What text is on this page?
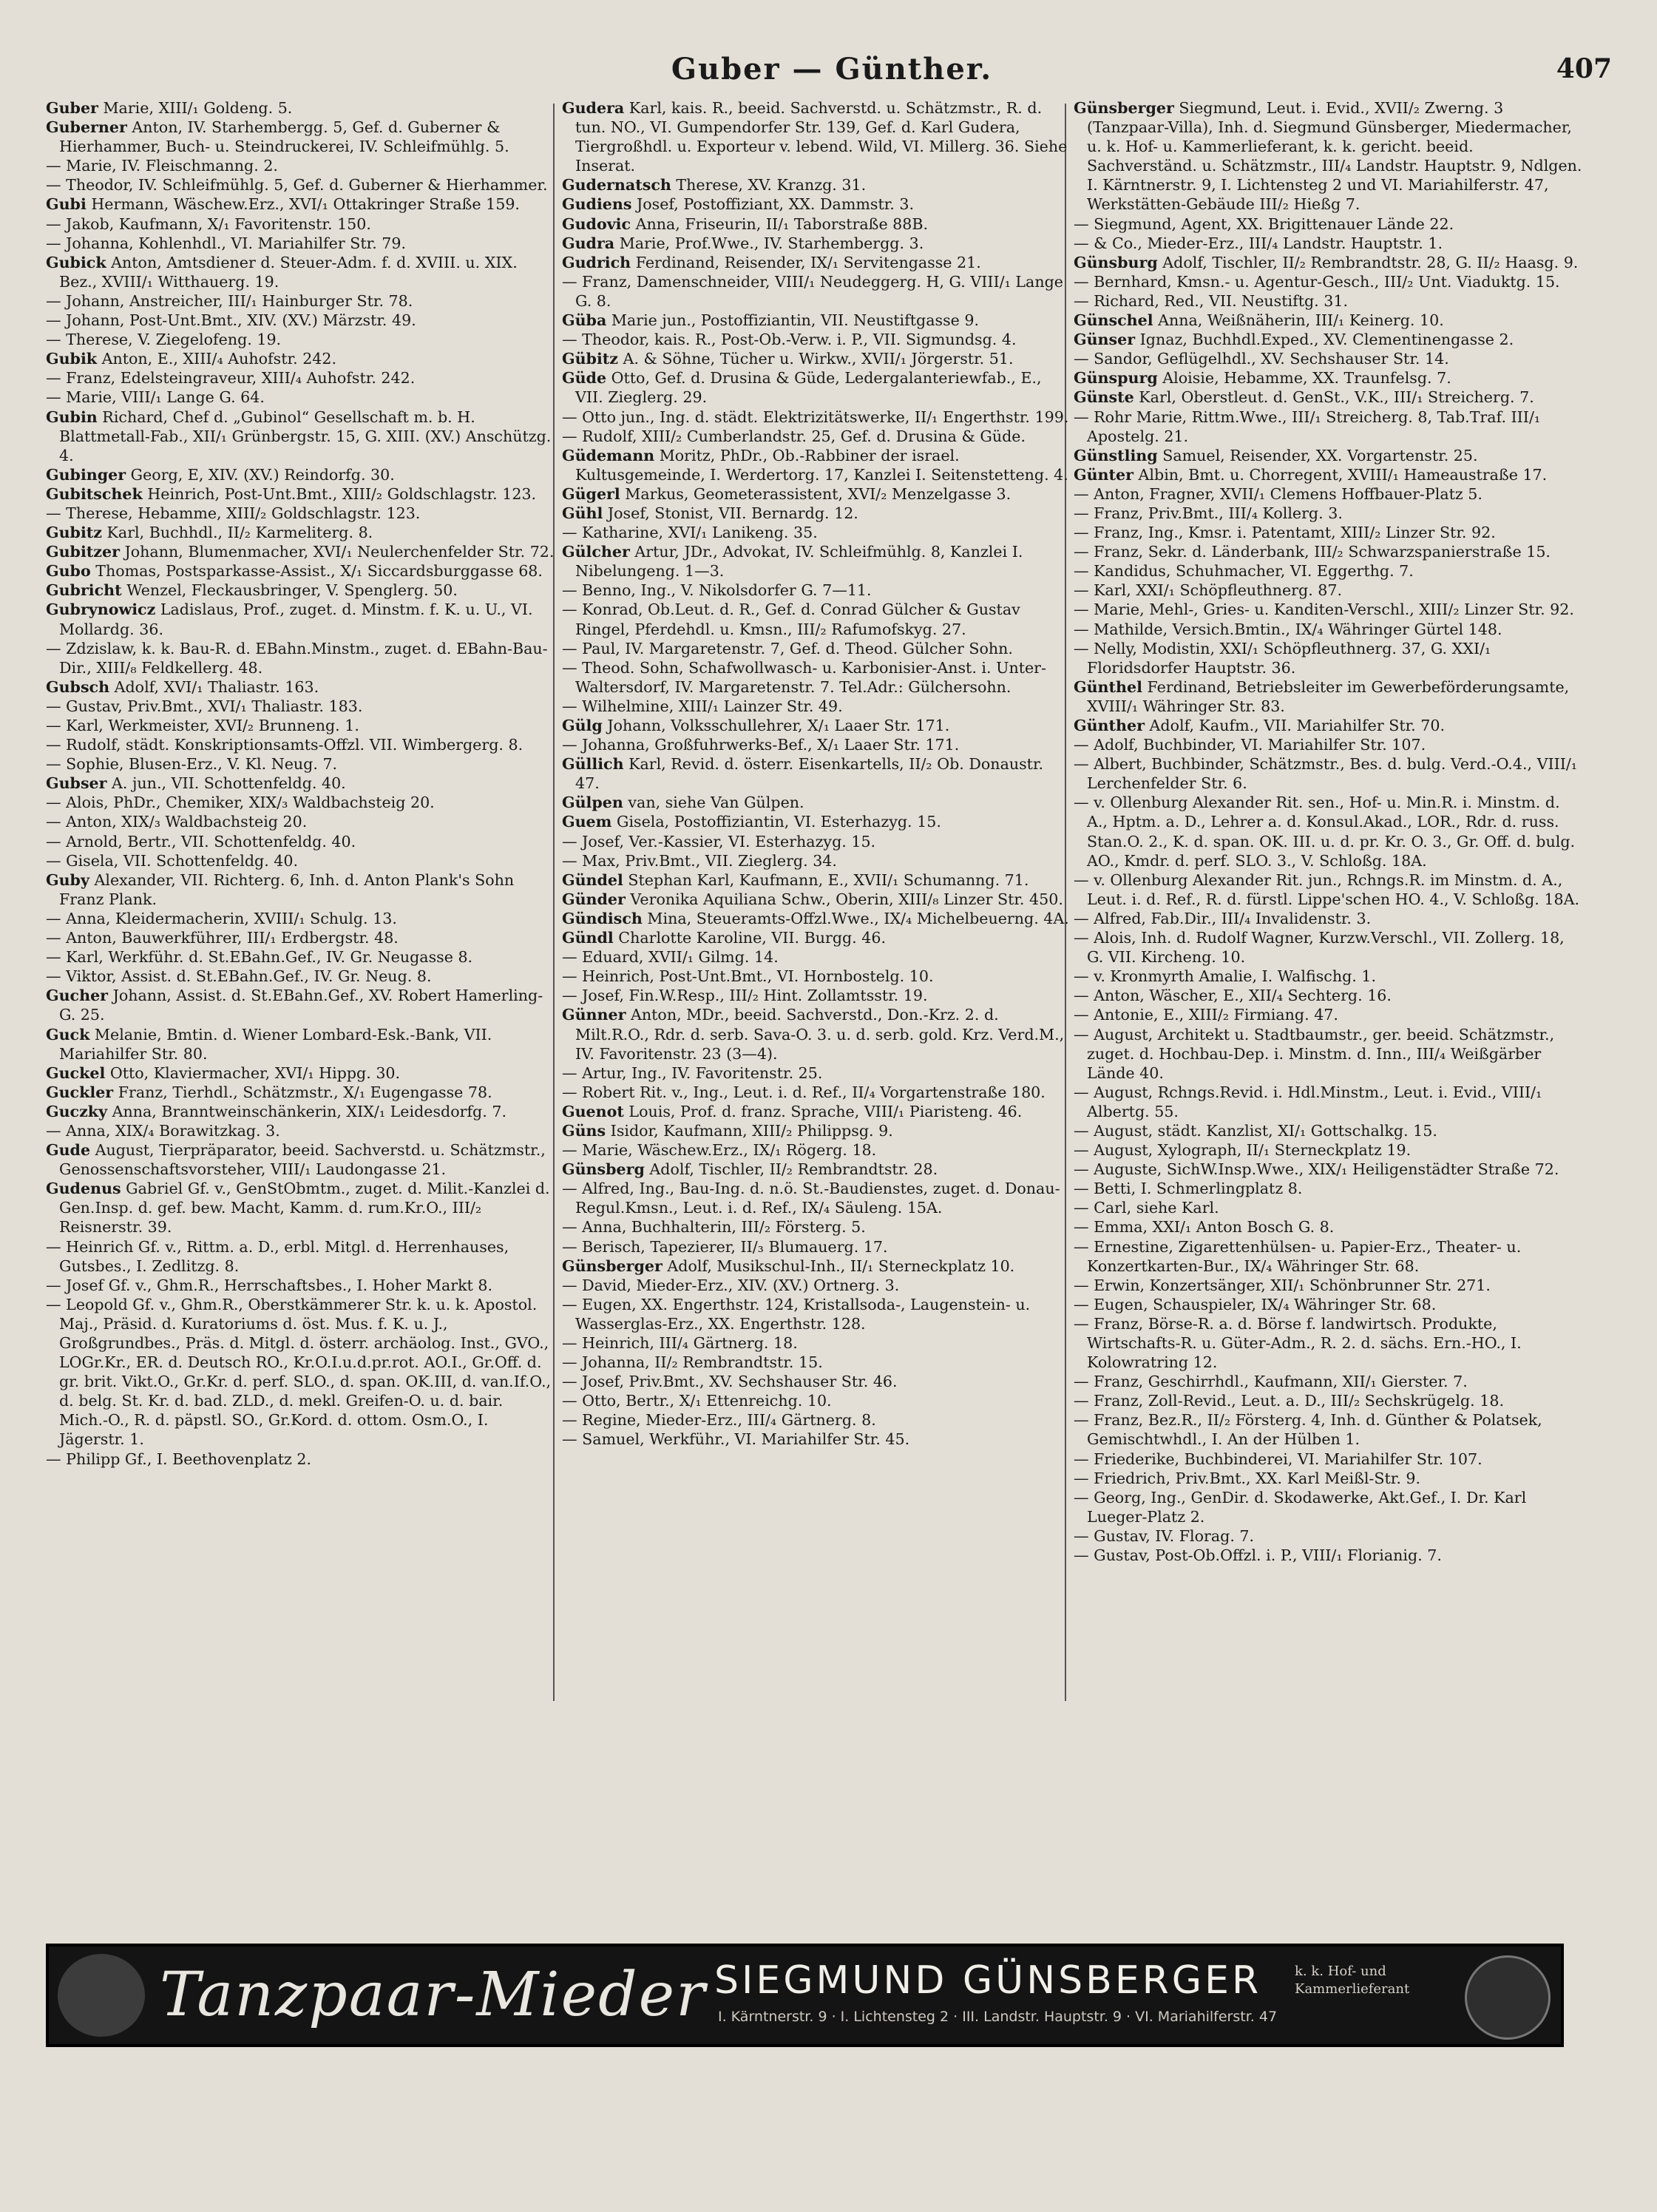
Guber — Günther.	407

Guber Marie, XIII/₁ Goldeng. 5.

Guberner Anton, IV. Starhembergg. 5, Gef. d. Guberner & Hierhammer, Buch- u. Steindruckerei, IV. Schleifmühlg. 5.

— Marie, IV. Fleischmanng. 2.

— Theodor, IV. Schleifmühlg. 5, Gef. d. Guberner & Hierhammer.

Gubi Hermann, Wäschew.Erz., XVI/₁ Ottakringer Straße 159.

— Jakob, Kaufmann, X/₁ Favoritenstr. 150.

— Johanna, Kohlenhdl., VI. Mariahilfer Str. 79.

Gubick Anton, Amtsdiener d. Steuer-Adm. f. d. XVIII. u. XIX. Bez., XVIII/₁ Witthauerg. 19.

— Johann, Anstreicher, III/₁ Hainburger Str. 78.

— Johann, Post-Unt.Bmt., XIV. (XV.) Märzstr. 49.

— Therese, V. Ziegelofeng. 19.

Gubik Anton, E., XIII/₄ Auhofstr. 242.

— Franz, Edelsteingraveur, XIII/₄ Auhofstr. 242.

— Marie, VIII/₁ Lange G. 64.

Gubin Richard, Chef d. „Gubinol“ Gesellschaft m. b. H. Blattmetall-Fab., XII/₁ Grünbergstr. 15, G. XIII. (XV.) Anschützg. 4.

Gubinger Georg, E, XIV. (XV.) Reindorfg. 30.

Gubitschek Heinrich, Post-Unt.Bmt., XIII/₂ Goldschlagstr. 123.

— Therese, Hebamme, XIII/₂ Goldschlagstr. 123.

Gubitz Karl, Buchhdl., II/₂ Karmeliterg. 8.

Gubitzer Johann, Blumenmacher, XVI/₁ Neulerchenfelder Str. 72.

Gubo Thomas, Postsparkasse-Assist., X/₁ Siccardsburggasse 68.

Gubricht Wenzel, Fleckausbringer, V. Spenglerg. 50.

Gubrynowicz Ladislaus, Prof., zuget. d. Minstm. f. K. u. U., VI. Mollardg. 36.

— Zdzislaw, k. k. Bau-R. d. EBahn.Minstm., zuget. d. EBahn-Bau-Dir., XIII/₈ Feldkellerg. 48.

Gubsch Adolf, XVI/₁ Thaliastr. 163.

— Gustav, Priv.Bmt., XVI/₁ Thaliastr. 183.

— Karl, Werkmeister, XVI/₂ Brunneng. 1.

— Rudolf, städt. Konskriptionsamts-Offzl. VII. Wimbergerg. 8.

— Sophie, Blusen-Erz., V. Kl. Neug. 7.

Gubser A. jun., VII. Schottenfeldg. 40.

— Alois, PhDr., Chemiker, XIX/₃ Waldbachsteig 20.

— Anton, XIX/₃ Waldbachsteig 20.

— Arnold, Bertr., VII. Schottenfeldg. 40.

— Gisela, VII. Schottenfeldg. 40.

Guby Alexander, VII. Richterg. 6, Inh. d. Anton Plank's Sohn Franz Plank.

— Anna, Kleidermacherin, XVIII/₁ Schulg. 13.

— Anton, Bauwerkführer, III/₁ Erdbergstr. 48.

— Karl, Werkführ. d. St.EBahn.Gef., IV. Gr. Neugasse 8.

— Viktor, Assist. d. St.EBahn.Gef., IV. Gr. Neug. 8.

Gucher Johann, Assist. d. St.EBahn.Gef., XV. Robert Hamerling-G. 25.

Guck Melanie, Bmtin. d. Wiener Lombard-Esk.-Bank, VII. Mariahilfer Str. 80.

Guckel Otto, Klaviermacher, XVI/₁ Hippg. 30.

Guckler Franz, Tierhdl., Schätzmstr., X/₁ Eugengasse 78.

Guczky Anna, Branntweinschänkerin, XIX/₁ Leidesdorfg. 7.

— Anna, XIX/₄ Borawitzkag. 3.

Gude August, Tierpräparator, beeid. Sachverstd. u. Schätzmstr., Genossenschaftsvorsteher, VIII/₁ Laudongasse 21.

Gudenus Gabriel Gf. v., GenStObmtm., zuget. d. Milit.-Kanzlei d. Gen.Insp. d. gef. bew. Macht, Kamm. d. rum.Kr.O., III/₂ Reisnerstr. 39.

— Heinrich Gf. v., Rittm. a. D., erbl. Mitgl. d. Herrenhauses, Gutsbes., I. Zedlitzg. 8.

— Josef Gf. v., Ghm.R., Herrschaftsbes., I. Hoher Markt 8.

— Leopold Gf. v., Ghm.R., Oberstkämmerer Str. k. u. k. Apostol. Maj., Präsid. d. Kuratoriums d. öst. Mus. f. K. u. J., Großgrundbes., Präs. d. Mitgl. d. österr. archäolog. Inst., GVO., LOGr.Kr., ER. d. Deutsch RO., Kr.O.I.u.d.pr.rot. AO.I., Gr.Off. d. gr. brit. Vikt.O., Gr.Kr. d. perf. SLO., d. span. OK.III, d. van.If.O., d. belg. St. Kr. d. bad. ZLD., d. mekl. Greifen-O. u. d. bair. Mich.-O., R. d. päpstl. SO., Gr.Kord. d. ottom. Osm.O., I. Jägerstr. 1.

— Philipp Gf., I. Beethovenplatz 2.

Gudera Karl, kais. R., beeid. Sachverstd. u. Schätzmstr., R. d. tun. NO., VI. Gumpendorfer Str. 139, Gef. d. Karl Gudera, Tiergroßhdl. u. Exporteur v. lebend. Wild, VI. Millerg. 36. Siehe Inserat.

Gudernatsch Therese, XV. Kranzg. 31.

Gudiens Josef, Postoffiziant, XX. Dammstr. 3.

Gudovic Anna, Friseurin, II/₁ Taborstraße 88B.

Gudra Marie, Prof.Wwe., IV. Starhembergg. 3.

Gudrich Ferdinand, Reisender, IX/₁ Servitengasse 21.

— Franz, Damenschneider, VIII/₁ Neudeggerg. H, G. VIII/₁ Lange G. 8.

Güba Marie jun., Postoffiziantin, VII. Neustiftgasse 9.

— Theodor, kais. R., Post-Ob.-Verw. i. P., VII. Sigmundsg. 4.

Gübitz A. & Söhne, Tücher u. Wirkw., XVII/₁ Jörgerstr. 51.

Güde Otto, Gef. d. Drusina & Güde, Ledergalanteriewfab., E., VII. Zieglerg. 29.

— Otto jun., Ing. d. städt. Elektrizitätswerke, II/₁ Engerthstr. 199.

— Rudolf, XIII/₂ Cumberlandstr. 25, Gef. d. Drusina & Güde.

Güdemann Moritz, PhDr., Ob.-Rabbiner der israel. Kultusgemeinde, I. Werdertorg. 17, Kanzlei I. Seitenstetteng. 4.

Gügerl Markus, Geometerassistent, XVI/₂ Menzelgasse 3.

Gühl Josef, Stonist, VII. Bernardg. 12.

— Katharine, XVI/₁ Lanikeng. 35.

Gülcher Artur, JDr., Advokat, IV. Schleifmühlg. 8, Kanzlei I. Nibelungeng. 1—3.

— Benno, Ing., V. Nikolsdorfer G. 7—11.

— Konrad, Ob.Leut. d. R., Gef. d. Conrad Gülcher & Gustav Ringel, Pferdehdl. u. Kmsn., III/₂ Rafumofskyg. 27.

— Paul, IV. Margaretenstr. 7, Gef. d. Theod. Gülcher Sohn.

— Theod. Sohn, Schafwollwasch- u. Karbonisier-Anst. i. Unter-Waltersdorf, IV. Margaretenstr. 7. Tel.Adr.: Gülchersohn.

— Wilhelmine, XIII/₁ Lainzer Str. 49.

Gülg Johann, Volksschullehrer, X/₁ Laaer Str. 171.

— Johanna, Großfuhrwerks-Bef., X/₁ Laaer Str. 171.

Güllich Karl, Revid. d. österr. Eisenkartells, II/₂ Ob. Donaustr. 47.

Gülpen van, siehe Van Gülpen.

Guem Gisela, Postoffiziantin, VI. Esterhazyg. 15.

— Josef, Ver.-Kassier, VI. Esterhazyg. 15.

— Max, Priv.Bmt., VII. Zieglerg. 34.

Gündel Stephan Karl, Kaufmann, E., XVII/₁ Schumanng. 71.

Günder Veronika Aquiliana Schw., Oberin, XIII/₈ Linzer Str. 450.

Gündisch Mina, Steueramts-Offzl.Wwe., IX/₄ Michelbeuerng. 4A.

Gündl Charlotte Karoline, VII. Burgg. 46.

— Eduard, XVII/₁ Gilmg. 14.

— Heinrich, Post-Unt.Bmt., VI. Hornbostelg. 10.

— Josef, Fin.W.Resp., III/₂ Hint. Zollamtsstr. 19.

Günner Anton, MDr., beeid. Sachverstd., Don.-Krz. 2. d. Milt.R.O., Rdr. d. serb. Sava-O. 3. u. d. serb. gold. Krz. Verd.M., IV. Favoritenstr. 23 (3—4).

— Artur, Ing., IV. Favoritenstr. 25.

— Robert Rit. v., Ing., Leut. i. d. Ref., II/₄ Vorgartenstraße 180.

Guenot Louis, Prof. d. franz. Sprache, VIII/₁ Piaristeng. 46.

Güns Isidor, Kaufmann, XIII/₂ Philippsg. 9.

— Marie, Wäschew.Erz., IX/₁ Rögerg. 18.

Günsberg Adolf, Tischler, II/₂ Rembrandtstr. 28.

— Alfred, Ing., Bau-Ing. d. n.ö. St.-Baudienstes, zuget. d. Donau-Regul.Kmsn., Leut. i. d. Ref., IX/₄ Säuleng. 15A.

— Anna, Buchhalterin, III/₂ Försterg. 5.

— Berisch, Tapezierer, II/₃ Blumauerg. 17.

Günsberger Adolf, Musikschul-Inh., II/₁ Sterneckplatz 10.

— David, Mieder-Erz., XIV. (XV.) Ortnerg. 3.

— Eugen, XX. Engerthstr. 124, Kristallsoda-, Laugenstein- u. Wasserglas-Erz., XX. Engerthstr. 128.

— Heinrich, III/₄ Gärtnerg. 18.

— Johanna, II/₂ Rembrandtstr. 15.

— Josef, Priv.Bmt., XV. Sechshauser Str. 46.

— Otto, Bertr., X/₁ Ettenreichg. 10.

— Regine, Mieder-Erz., III/₄ Gärtnerg. 8.

— Samuel, Werkführ., VI. Mariahilfer Str. 45.

Günsberger Siegmund, Leut. i. Evid., XVII/₂ Zwerng. 3 (Tanzpaar-Villa), Inh. d. Siegmund Günsberger, Miedermacher, u. k. Hof- u. Kammerlieferant, k. k. gericht. beeid. Sachverständ. u. Schätzmstr., III/₄ Landstr. Hauptstr. 9, Ndlgen. I. Kärntnerstr. 9, I. Lichtensteg 2 und VI. Mariahilferstr. 47, Werkstätten-Gebäude III/₂ Hießg 7.

— Siegmund, Agent, XX. Brigittenauer Lände 22.

— & Co., Mieder-Erz., III/₄ Landstr. Hauptstr. 1.

Günsburg Adolf, Tischler, II/₂ Rembrandtstr. 28, G. II/₂ Haasg. 9.

— Bernhard, Kmsn.- u. Agentur-Gesch., III/₂ Unt. Viaduktg. 15.

— Richard, Red., VII. Neustiftg. 31.

Günschel Anna, Weißnäherin, III/₁ Keinerg. 10.

Günser Ignaz, Buchhdl.Exped., XV. Clementinengasse 2.

— Sandor, Geflügelhdl., XV. Sechshauser Str. 14.

Günspurg Aloisie, Hebamme, XX. Traunfelsg. 7.

Günste Karl, Oberstleut. d. GenSt., V.K., III/₁ Streicherg. 7.

— Rohr Marie, Rittm.Wwe., III/₁ Streicherg. 8, Tab.Traf. III/₁ Apostelg. 21.

Günstling Samuel, Reisender, XX. Vorgartenstr. 25.

Günter Albin, Bmt. u. Chorregent, XVIII/₁ Hameaustraße 17.

— Anton, Fragner, XVII/₁ Clemens Hoffbauer-Platz 5.

— Franz, Priv.Bmt., III/₄ Kollerg. 3.

— Franz, Ing., Kmsr. i. Patentamt, XIII/₂ Linzer Str. 92.

— Franz, Sekr. d. Länderbank, III/₂ Schwarzspanierstraße 15.

— Kandidus, Schuhmacher, VI. Eggerthg. 7.

— Karl, XXI/₁ Schöpfleuthnerg. 87.

— Marie, Mehl-, Gries- u. Kanditen-Verschl., XIII/₂ Linzer Str. 92.

— Mathilde, Versich.Bmtin., IX/₄ Währinger Gürtel 148.

— Nelly, Modistin, XXI/₁ Schöpfleuthnerg. 37, G. XXI/₁ Floridsdorfer Hauptstr. 36.

Günthel Ferdinand, Betriebsleiter im Gewerbeförderungsamte, XVIII/₁ Währinger Str. 83.

Günther Adolf, Kaufm., VII. Mariahilfer Str. 70.

— Adolf, Buchbinder, VI. Mariahilfer Str. 107.

— Albert, Buchbinder, Schätzmstr., Bes. d. bulg. Verd.-O.4., VIII/₁ Lerchenfelder Str. 6.

— v. Ollenburg Alexander Rit. sen., Hof- u. Min.R. i. Minstm. d. A., Hptm. a. D., Lehrer a. d. Konsul.Akad., LOR., Rdr. d. russ. Stan.O. 2., K. d. span. OK. III. u. d. pr. Kr. O. 3., Gr. Off. d. bulg. AO., Kmdr. d. perf. SLO. 3., V. Schloßg. 18A.

— v. Ollenburg Alexander Rit. jun., Rchngs.R. im Minstm. d. A., Leut. i. d. Ref., R. d. fürstl. Lippe'schen HO. 4., V. Schloßg. 18A.

— Alfred, Fab.Dir., III/₄ Invalidenstr. 3.

— Alois, Inh. d. Rudolf Wagner, Kurzw.Verschl., VII. Zollerg. 18, G. VII. Kircheng. 10.

— v. Kronmyrth Amalie, I. Walfischg. 1.

— Anton, Wäscher, E., XII/₄ Sechterg. 16.

— Antonie, E., XIII/₂ Firmiang. 47.

— August, Architekt u. Stadtbaumstr., ger. beeid. Schätzmstr., zuget. d. Hochbau-Dep. i. Minstm. d. Inn., III/₄ Weißgärber Lände 40.

— August, Rchngs.Revid. i. Hdl.Minstm., Leut. i. Evid., VIII/₁ Albertg. 55.

— August, städt. Kanzlist, XI/₁ Gottschalkg. 15.

— August, Xylograph, II/₁ Sterneckplatz 19.

— Auguste, SichW.Insp.Wwe., XIX/₁ Heiligenstädter Straße 72.

— Betti, I. Schmerlingplatz 8.

— Carl, siehe Karl.

— Emma, XXI/₁ Anton Bosch G. 8.

— Ernestine, Zigarettenhülsen- u. Papier-Erz., Theater- u. Konzertkarten-Bur., IX/₄ Währinger Str. 68.

— Erwin, Konzertsänger, XII/₁ Schönbrunner Str. 271.

— Eugen, Schauspieler, IX/₄ Währinger Str. 68.

— Franz, Börse-R. a. d. Börse f. landwirtsch. Produkte, Wirtschafts-R. u. Güter-Adm., R. 2. d. sächs. Ern.-HO., I. Kolowratring 12.

— Franz, Geschirrhdl., Kaufmann, XII/₁ Gierster. 7.

— Franz, Zoll-Revid., Leut. a. D., III/₂ Sechskrügelg. 18.

— Franz, Bez.R., II/₂ Försterg. 4, Inh. d. Günther & Polatsek, Gemischtwhdl., I. An der Hülben 1.

— Friederike, Buchbinderei, VI. Mariahilfer Str. 107.

— Friedrich, Priv.Bmt., XX. Karl Meißl-Str. 9.

— Georg, Ing., GenDir. d. Skodawerke, Akt.Gef., I. Dr. Karl Lueger-Platz 2.

— Gustav, IV. Florag. 7.

— Gustav, Post-Ob.Offzl. i. P., VIII/₁ Florianig. 7.

Tanzpaar-Mieder SIEGMUND GÜNSBERGER
I. Kärntnerstr. 9 · I. Lichtensteg 2 · III. Landstr. Hauptstr. 9 · VI. Mariahilferstr. 47
k. k. Hof- und Kammerlieferant
